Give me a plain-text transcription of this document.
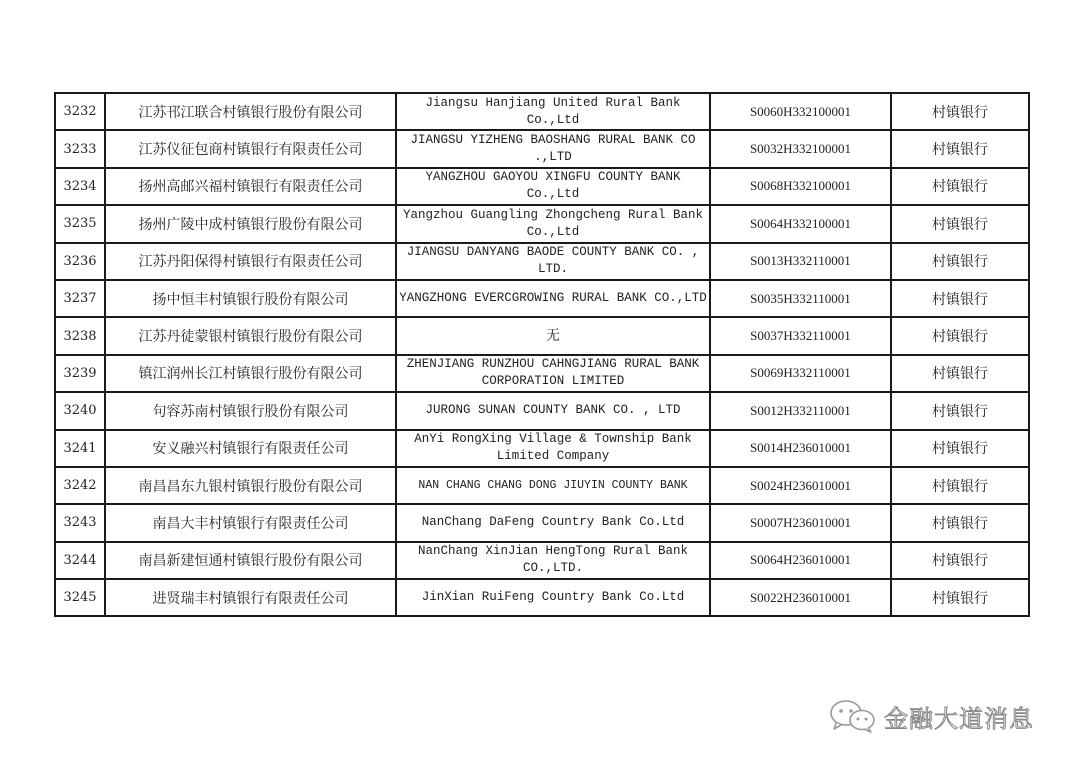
3232	江苏邗江联合村镇银行股份有限公司	Jiangsu Hanjiang United Rural Bank Co.,Ltd	S0060H332100001	村镇银行
3233	江苏仪征包商村镇银行有限责任公司	JIANGSU YIZHENG BAOSHANG RURAL BANK CO .,LTD	S0032H332100001	村镇银行
3234	扬州高邮兴福村镇银行有限责任公司	YANGZHOU GAOYOU XINGFU COUNTY BANK Co.,Ltd	S0068H332100001	村镇银行
3235	扬州广陵中成村镇银行股份有限公司	Yangzhou Guangling Zhongcheng Rural Bank Co.,Ltd	S0064H332100001	村镇银行
3236	江苏丹阳保得村镇银行有限责任公司	JIANGSU DANYANG BAODE COUNTY BANK CO. , LTD.	S0013H332110001	村镇银行
3237	扬中恒丰村镇银行股份有限公司	YANGZHONG EVERCGROWING RURAL BANK CO.,LTD	S0035H332110001	村镇银行
3238	江苏丹徒蒙银村镇银行股份有限公司	无	S0037H332110001	村镇银行
3239	镇江润州长江村镇银行股份有限公司	ZHENJIANG RUNZHOU CAHNGJIANG RURAL BANK CORPORATION LIMITED	S0069H332110001	村镇银行
3240	句容苏南村镇银行股份有限公司	JURONG SUNAN COUNTY BANK CO. , LTD	S0012H332110001	村镇银行
3241	安义融兴村镇银行有限责任公司	AnYi RongXing Village & Township Bank Limited Company	S0014H236010001	村镇银行
3242	南昌昌东九银村镇银行股份有限公司	NAN CHANG CHANG DONG JIUYIN COUNTY BANK	S0024H236010001	村镇银行
3243	南昌大丰村镇银行有限责任公司	NanChang DaFeng Country Bank Co.Ltd	S0007H236010001	村镇银行
3244	南昌新建恒通村镇银行股份有限公司	NanChang XinJian HengTong Rural Bank CO.,LTD.	S0064H236010001	村镇银行
3245	进贤瑞丰村镇银行有限责任公司	JinXian RuiFeng Country Bank Co.Ltd	S0022H236010001	村镇银行
金融大道消息
